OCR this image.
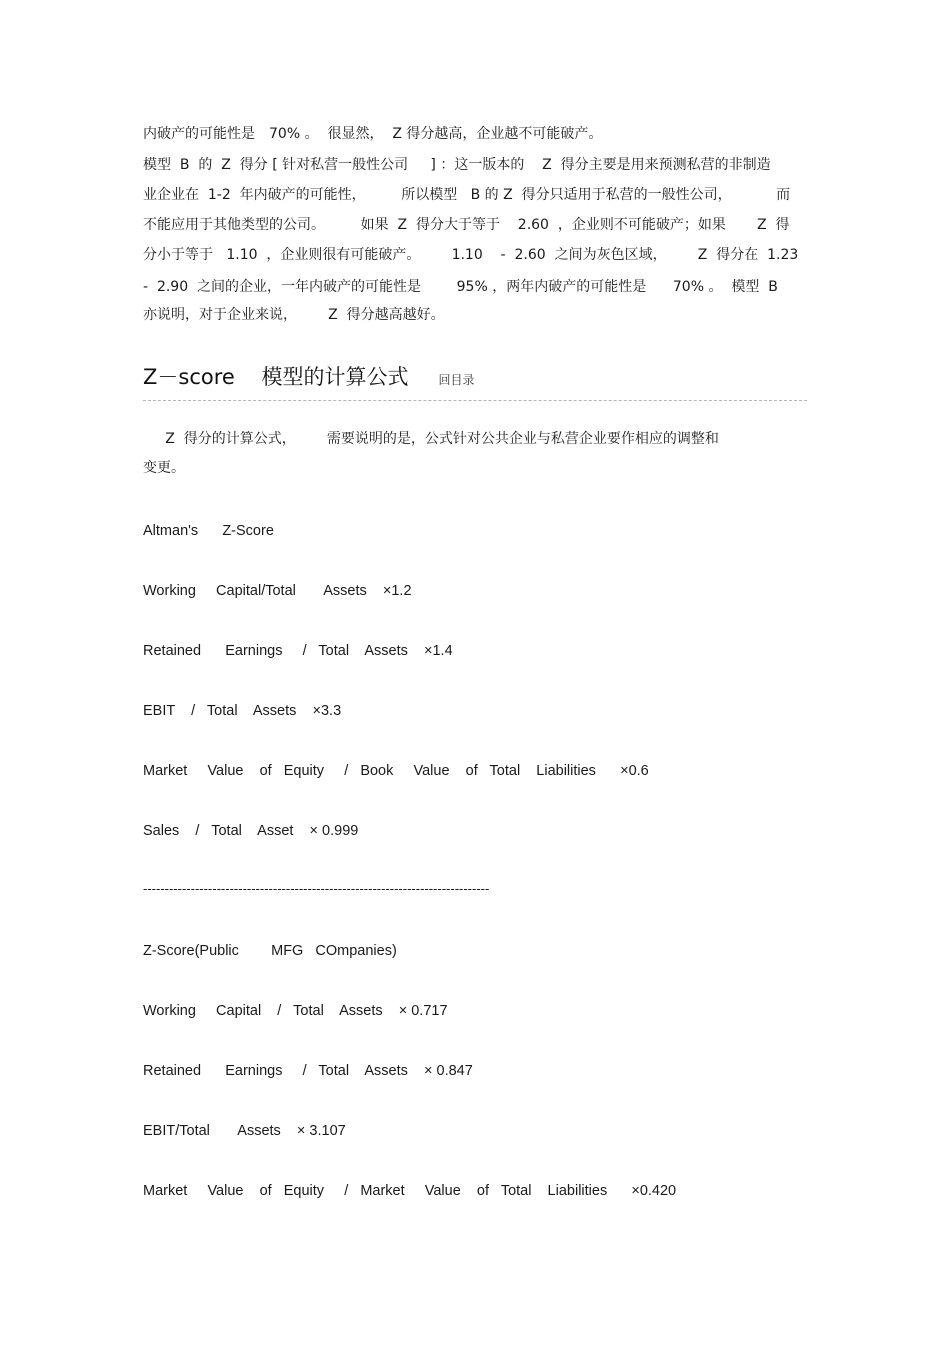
内破产的可能性是　70% 。  很显然，  Z 得分越高，企业越不可能破产。
模型  B  的  Z  得分 [ 针对私营一般性公司     ] ：这一版本的    Z  得分主要是用来预测私营的非制造
业企业在  1-2  年内破产的可能性，        所以模型   B 的 Z  得分只适用于私营的一般性公司，          而
不能应用于其他类型的公司。        如果  Z  得分大于等于    2.60  ，企业则不可能破产；如果       Z  得
分小于等于   1.10  ，企业则很有可能破产。       1.10    -  2.60  之间为灰色区域，       Z  得分在  1.23
-  2.90  之间的企业，一年内破产的可能性是        95% ，两年内破产的可能性是      70% 。  模型  B
亦说明，对于企业来说，       Z  得分越高越好。
Z－score    模型的计算公式	回目录
Z  得分的计算公式，       需要说明的是，公式针对公共企业与私营企业要作相应的调整和
变更。
Altman's      Z-Score
Working     Capital/Total       Assets    ×1.2
Retained      Earnings     /   Total    Assets    ×1.4
EBIT    /   Total    Assets    ×3.3
Market     Value    of   Equity     /   Book     Value    of   Total    Liabilities      ×0.6
Sales    /   Total    Asset    × 0.999
--------------------------------------------------------------------------------
Z-Score(Public        MFG   COmpanies)
Working     Capital    /   Total    Assets    × 0.717
Retained      Earnings     /   Total    Assets    × 0.847
EBIT/Total       Assets    × 3.107
Market     Value    of   Equity     /   Market     Value    of   Total    Liabilities      ×0.420
